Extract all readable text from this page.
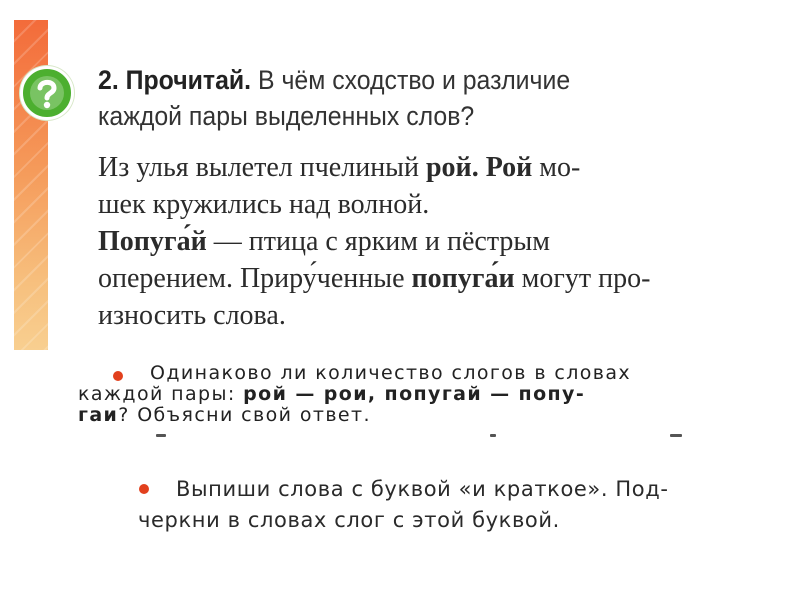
2. Прочитай. В чём сходство и различие
каждой пары выделенных слов?

Из улья вылетел пчелиный рой. Рой мо-

шек кружились над волной.

Попуга́й — птица с ярким и пёстрым

оперением. Приру́ченные попуга́и могут про-

износить слова.

Одинаково ли количество слогов в словах

каждой пары: рой — рои, попугай — попу-

гаи? Объясни свой ответ.

Выпиши слова с буквой «и краткое». Под-

черкни в словах слог с этой буквой.
